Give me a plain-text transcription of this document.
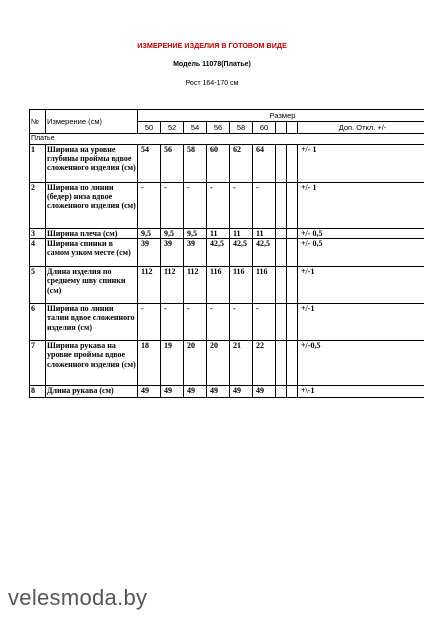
ИЗМЕРЕНИЕ ИЗДЕЛИЯ В ГОТОВОМ ВИДЕ
Модель 11078(Платье)
Рост 164-170 см
№	Измерение (см)	Размер								
		50	52	54	56	58	60			Доп. Откл. +/-
Платье										
1	Ширина на уровне глубины проймы вдвое сложенного изделия (см)	54	56	58	60	62	64			+/- 1
2	Ширина по линии (бедер) низа вдвое сложенного изделия (см)	-	-	-	-	-	-			+/- 1
3	Ширина плеча (см)	9,5	9,5	9,5	11	11	11			+/- 0,5
4	Ширина спинки в самом узком месте (см)	39	39	39	42,5	42,5	42,5			+/- 0,5
5	Длина изделия по среднему шву спинки (см)	112	112	112	116	116	116			+/-1
6	Ширина по линии талии вдвое сложенного изделия (см)	-	-	-	-	-	-			+/-1
7	Ширина рукава на уровне проймы вдвое сложенного изделия (см)	18	19	20	20	21	22			+/-0,5
8	Длина рукава (см)	49	49	49	49	49	49			+\-1
velesmoda.by
